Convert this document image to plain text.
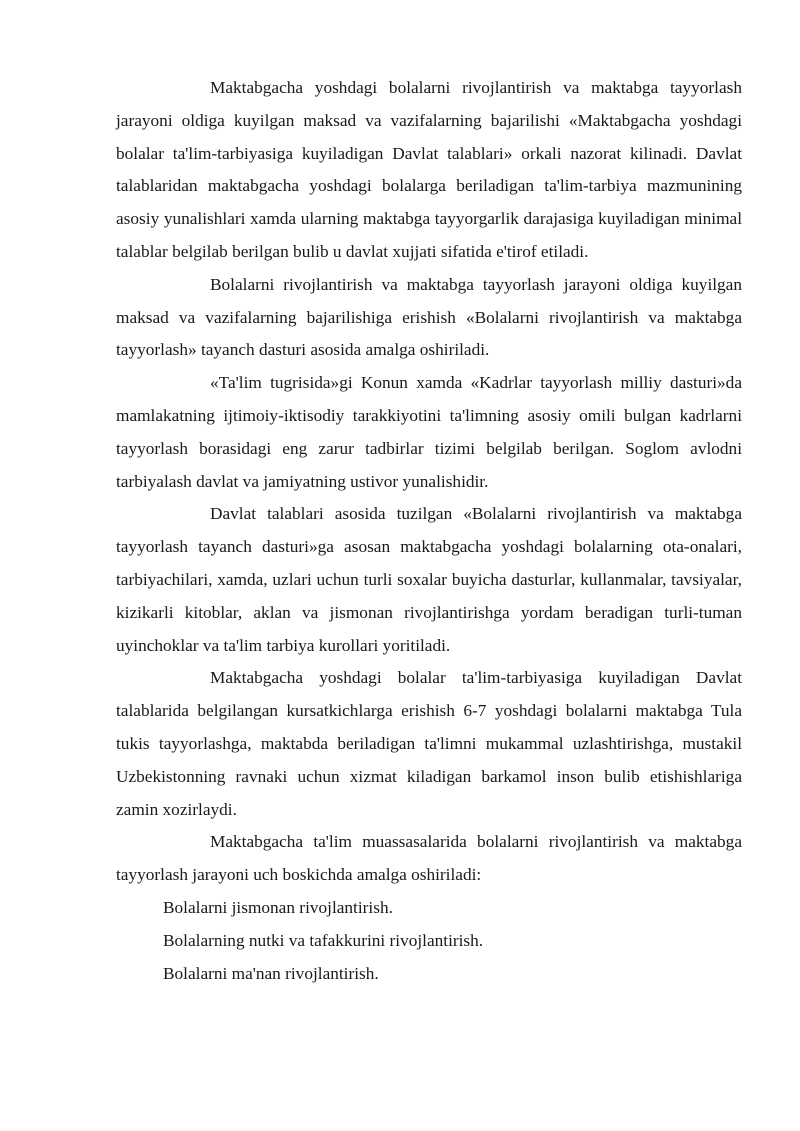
Maktabgacha yoshdagi bolalarni rivojlantirish va maktabga tayyorlash jarayoni oldiga kuyilgan maksad va vazifalarning bajarilishi «Maktabgacha yoshdagi bolalar ta'lim-tarbiyasiga kuyiladigan Davlat talablari» orkali nazorat kilinadi. Davlat talablaridan maktabgacha yoshdagi bolalarga beriladigan ta'lim-tarbiya mazmunining asosiy yunalishlari xamda ularning maktabga tayyorgarlik darajasiga kuyiladigan minimal talablar belgilab berilgan bulib u davlat xujjati sifatida e'tirof etiladi.

Bolalarni rivojlantirish va maktabga tayyorlash jarayoni oldiga kuyilgan maksad va vazifalarning bajarilishiga erishish «Bolalarni rivojlantirish va maktabga tayyorlash» tayanch dasturi asosida amalga oshiriladi.

«Ta'lim tugrisida»gi Konun xamda «Kadrlar tayyorlash milliy dasturi»da mamlakatning ijtimoiy-iktisodiy tarakkiyotini ta'limning asosiy omili bulgan kadrlarni tayyorlash borasidagi eng zarur tadbirlar tizimi belgilab berilgan. Soglom avlodni tarbiyalash davlat va jamiyatning ustivor yunalishidir.

Davlat talablari asosida tuzilgan «Bolalarni rivojlantirish va maktabga tayyorlash tayanch dasturi»ga asosan maktabgacha yoshdagi bolalarning ota-onalari, tarbiyachilari, xamda, uzlari uchun turli soxalar buyicha dasturlar, kullanmalar, tavsiyalar, kizikarli kitoblar, aklan va jismonan rivojlantirishga yordam beradigan turli-tuman uyinchoklar va ta'lim tarbiya kurollari yoritiladi.

Maktabgacha yoshdagi bolalar ta'lim-tarbiyasiga kuyiladigan Davlat talablarida belgilangan kursatkichlarga erishish 6-7 yoshdagi bolalarni maktabga Tula tukis tayyorlashga, maktabda beriladigan ta'limni mukammal uzlashtirishga, mustakil Uzbekistonning ravnaki uchun xizmat kiladigan barkamol inson bulib etishishlariga zamin xozirlaydi.

Maktabgacha ta'lim muassasalarida bolalarni rivojlantirish va maktabga tayyorlash jarayoni uch boskichda amalga oshiriladi:

Bolalarni jismonan rivojlantirish.

Bolalarning nutki va tafakkurini rivojlantirish.

Bolalarni ma'nan rivojlantirish.
